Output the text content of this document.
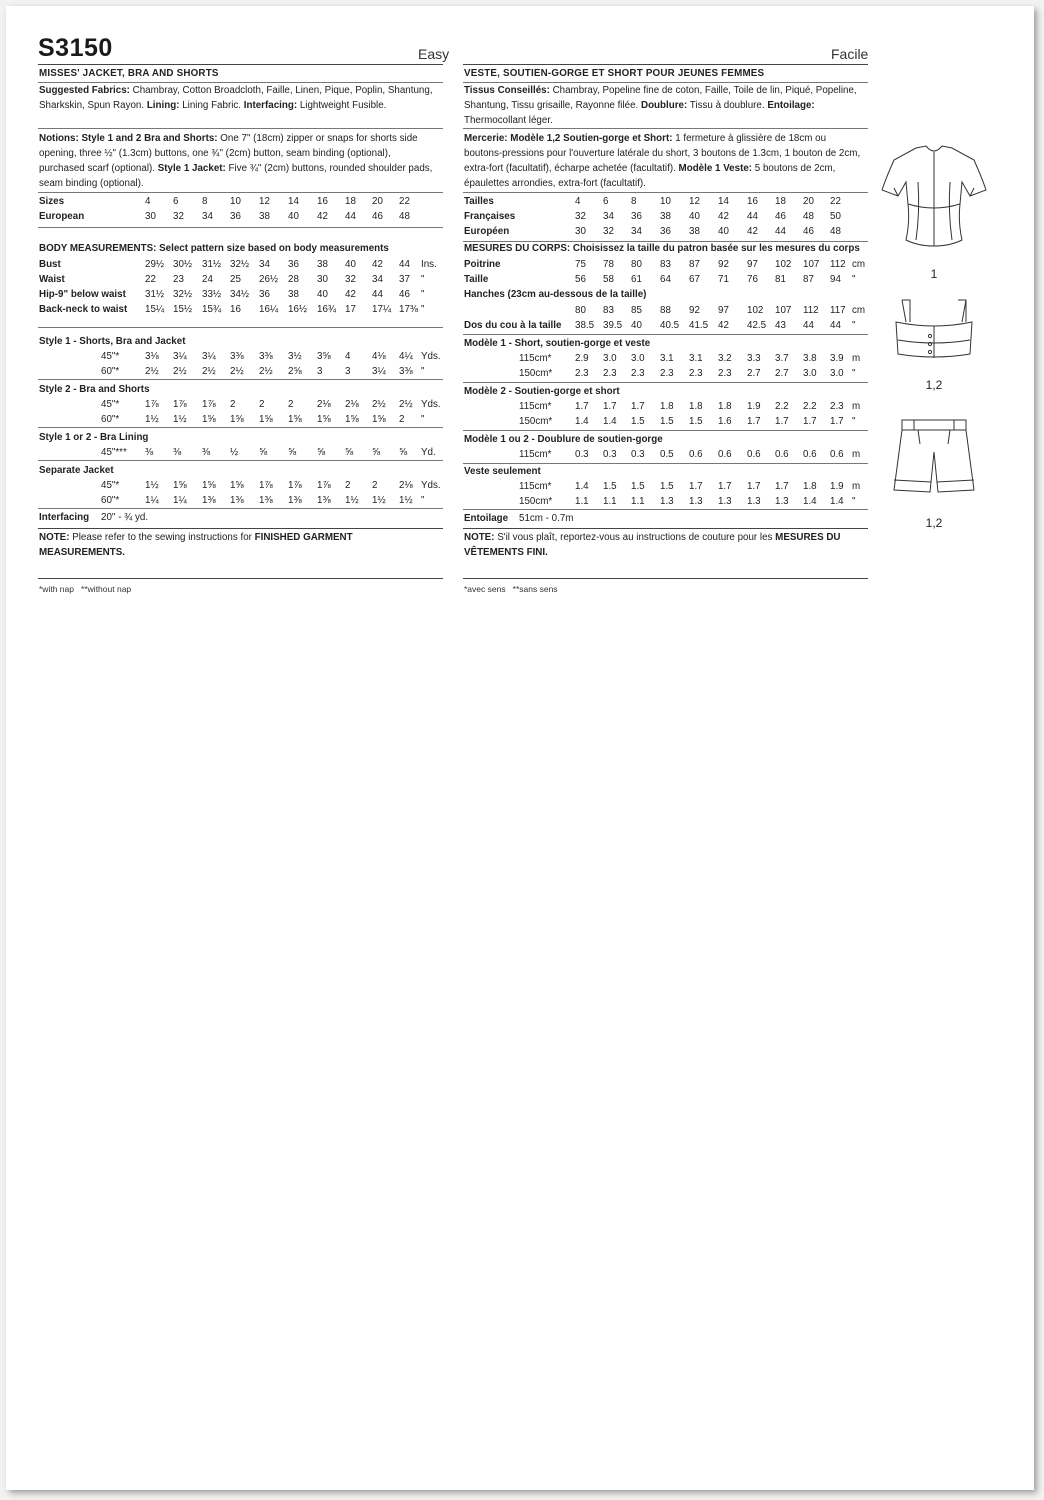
S3150	Easy	Facile
MISSES' JACKET, BRA AND SHORTS
Suggested Fabrics: Chambray, Cotton Broadcloth, Faille, Linen, Pique, Poplin, Shantung, Sharkskin, Spun Rayon. Lining: Lining Fabric. Interfacing: Lightweight Fusible.
Notions: Style 1 and 2 Bra and Shorts: One 7" (18cm) zipper or snaps for shorts side opening, three ½" (1.3cm) buttons, one ¾" (2cm) button, seam binding (optional), purchased scarf (optional). Style 1 Jacket: Five ¾" (2cm) buttons, rounded shoulder pads, seam binding (optional).
Sizes	4 6 8 10 12 14 16 18 20 22
European	30 32 34 36 38 40 42 44 46 48
BODY MEASUREMENTS: Select pattern size based on body measurements
Bust	29½ 30½ 31½ 32½ 34 36 38 40 42 44 Ins.
Waist	22 23 24 25 26½ 28 30 32 34 37 "
Hip-9" below waist 31½ 32½ 33½ 34½ 36 38 40 42 44 46 "
Back-neck to waist 15¼ 15½ 15¾ 16 16¼ 16½ 16¾ 17 17¼ 17⅜ "
Style 1 - Shorts, Bra and Jacket
45"*	3⅛ 3¼ 3¼ 3⅜ 3⅜ 3½ 3⅝ 4 4⅛ 4¼ Yds.
60"*	2½ 2½ 2½ 2½ 2½ 2⅝ 3 3 3¼ 3⅜ "
Style 2 - Bra and Shorts
45"*	1⅞ 1⅞ 1⅞ 2 2 2 2⅛ 2⅛ 2½ 2½ Yds.
60"*	1½ 1½ 1⅝ 1⅝ 1⅝ 1⅝ 1⅝ 1⅝ 1⅝ 2 "
Style 1 or 2 - Bra Lining
45"*** ⅜ ⅜ ⅜ ½ ⅝ ⅝ ⅝ ⅝ ⅝ ⅝ Yd.
Separate Jacket
45"*	1½ 1⅝ 1⅝ 1⅝ 1⅞ 1⅞ 1⅞ 2 2 2⅛ Yds.
60"*	1¼ 1¼ 1⅜ 1⅜ 1⅜ 1⅜ 1⅜ 1½ 1½ 1½ "
Interfacing 20" - ¾ yd.
NOTE: Please refer to the sewing instructions for FINISHED GARMENT MEASUREMENTS.
*with nap   **without nap
VESTE, SOUTIEN-GORGE ET SHORT POUR JEUNES FEMMES
Tissus Conseillés: Chambray, Popeline fine de coton, Faille, Toile de lin, Piqué, Popeline, Shantung, Tissu grisaille, Rayonne filée. Doublure: Tissu à doublure. Entoilage: Thermocollant léger.
Mercerie: Modèle 1,2 Soutien-gorge et Short: 1 fermeture à glissière de 18cm ou boutons-pressions pour l'ouverture latérale du short, 3 boutons de 1.3cm, 1 bouton de 2cm, extra-fort (facultatif), écharpe achetée (facultatif). Modèle 1 Veste: 5 boutons de 2cm, épaulettes arrondies, extra-fort (facultatif).
Tailles	4 6 8 10 12 14 16 18 20 22
Françaises	32 34 36 38 40 42 44 46 48 50
Européen	30 32 34 36 38 40 42 44 46 48
MESURES DU CORPS: Choisissez la taille du patron basée sur les mesures du corps
Poitrine	75 78 80 83 87 92 97 102 107 112 cm
Taille	56 58 61 64 67 71 76 81 87 94 "
Hanches (23cm au-dessous de la taille)
80 83 85 88 92 97 102 107 112 117 cm
Dos du cou à la taille 38.5 39.5 40 40.5 41.5 42 42.5 43 44 44 "
Modèle 1 - Short, soutien-gorge et veste
115cm* 2.9 3.0 3.0 3.1 3.1 3.2 3.3 3.7 3.8 3.9 m
150cm* 2.3 2.3 2.3 2.3 2.3 2.3 2.7 2.7 3.0 3.0 "
Modèle 2 - Soutien-gorge et short
115cm* 1.7 1.7 1.7 1.8 1.8 1.8 1.9 2.2 2.2 2.3 m
150cm* 1.4 1.4 1.5 1.5 1.5 1.6 1.7 1.7 1.7 1.7 "
Modèle 1 ou 2 - Doublure de soutien-gorge
115cm* 0.3 0.3 0.3 0.5 0.6 0.6 0.6 0.6 0.6 0.6 m
Veste seulement
115cm* 1.4 1.5 1.5 1.5 1.7 1.7 1.7 1.7 1.8 1.9 m
150cm* 1.1 1.1 1.1 1.3 1.3 1.3 1.3 1.3 1.4 1.4 "
Entoilage 51cm - 0.7m
NOTE: S'il vous plaît, reportez-vous au instructions de couture pour les MESURES DU VÊTEMENTS FINI.
*avec sens   **sans sens
1
1,2
1,2
